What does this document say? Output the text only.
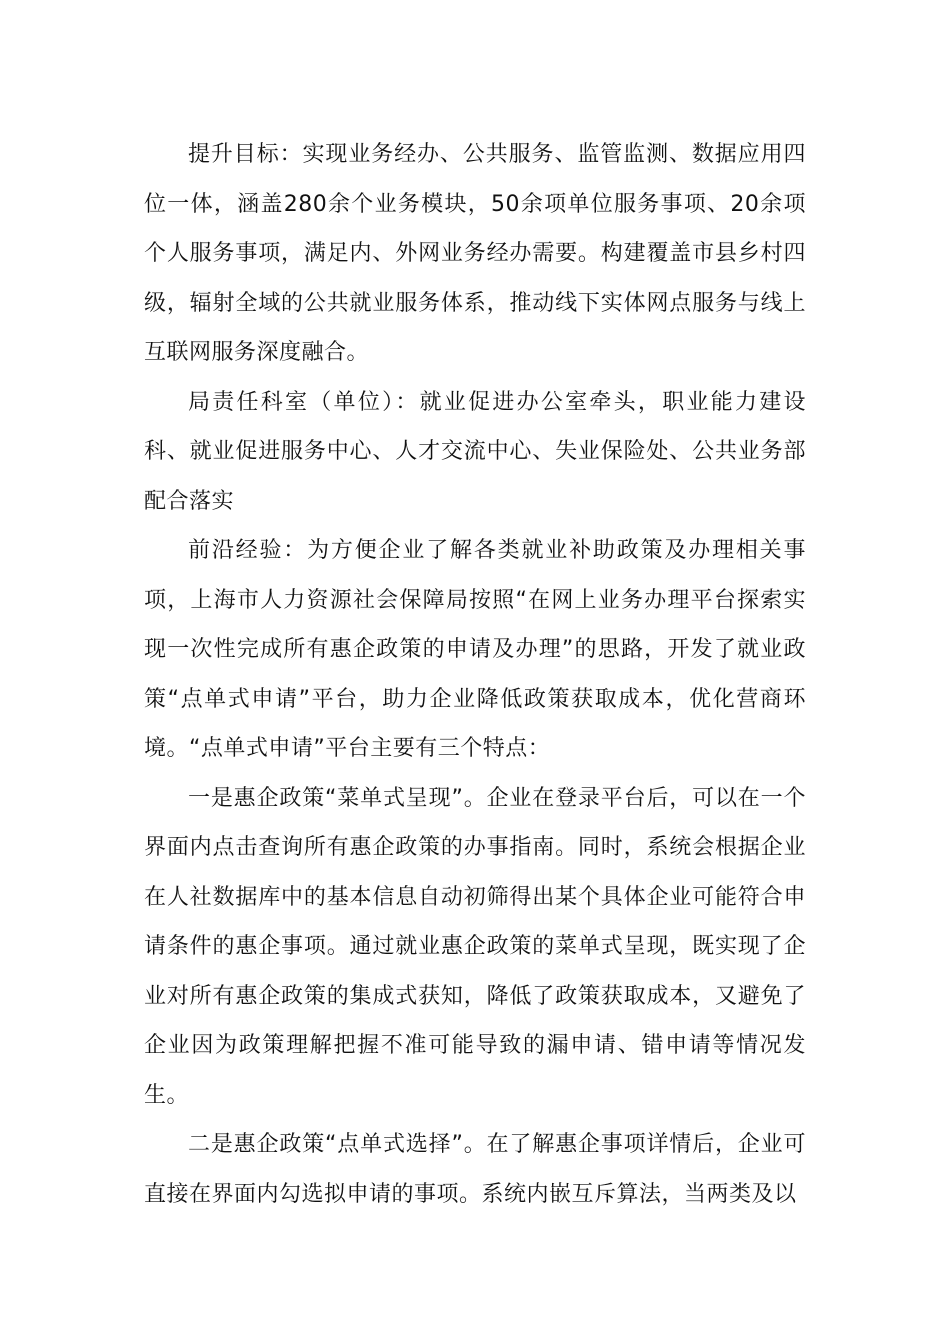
提升目标：实现业务经办、公共服务、监管监测、数据应用四位一体，涵盖280余个业务模块，50余项单位服务事项、20余项个人服务事项，满足内、外网业务经办需要。构建覆盖市县乡村四级，辐射全域的公共就业服务体系，推动线下实体网点服务与线上互联网服务深度融合。

局责任科室（单位）：就业促进办公室牵头，职业能力建设科、就业促进服务中心、人才交流中心、失业保险处、公共业务部配合落实

前沿经验：为方便企业了解各类就业补助政策及办理相关事项，上海市人力资源社会保障局按照“在网上业务办理平台探索实现一次性完成所有惠企政策的申请及办理”的思路，开发了就业政策“点单式申请”平台，助力企业降低政策获取成本，优化营商环境。“点单式申请”平台主要有三个特点：

一是惠企政策“菜单式呈现”。企业在登录平台后，可以在一个界面内点击查询所有惠企政策的办事指南。同时，系统会根据企业在人社数据库中的基本信息自动初筛得出某个具体企业可能符合申请条件的惠企事项。通过就业惠企政策的菜单式呈现，既实现了企业对所有惠企政策的集成式获知，降低了政策获取成本，又避免了企业因为政策理解把握不准可能导致的漏申请、错申请等情况发生。

二是惠企政策“点单式选择”。在了解惠企事项详情后，企业可直接在界面内勾选拟申请的事项。系统内嵌互斥算法，当两类及以
